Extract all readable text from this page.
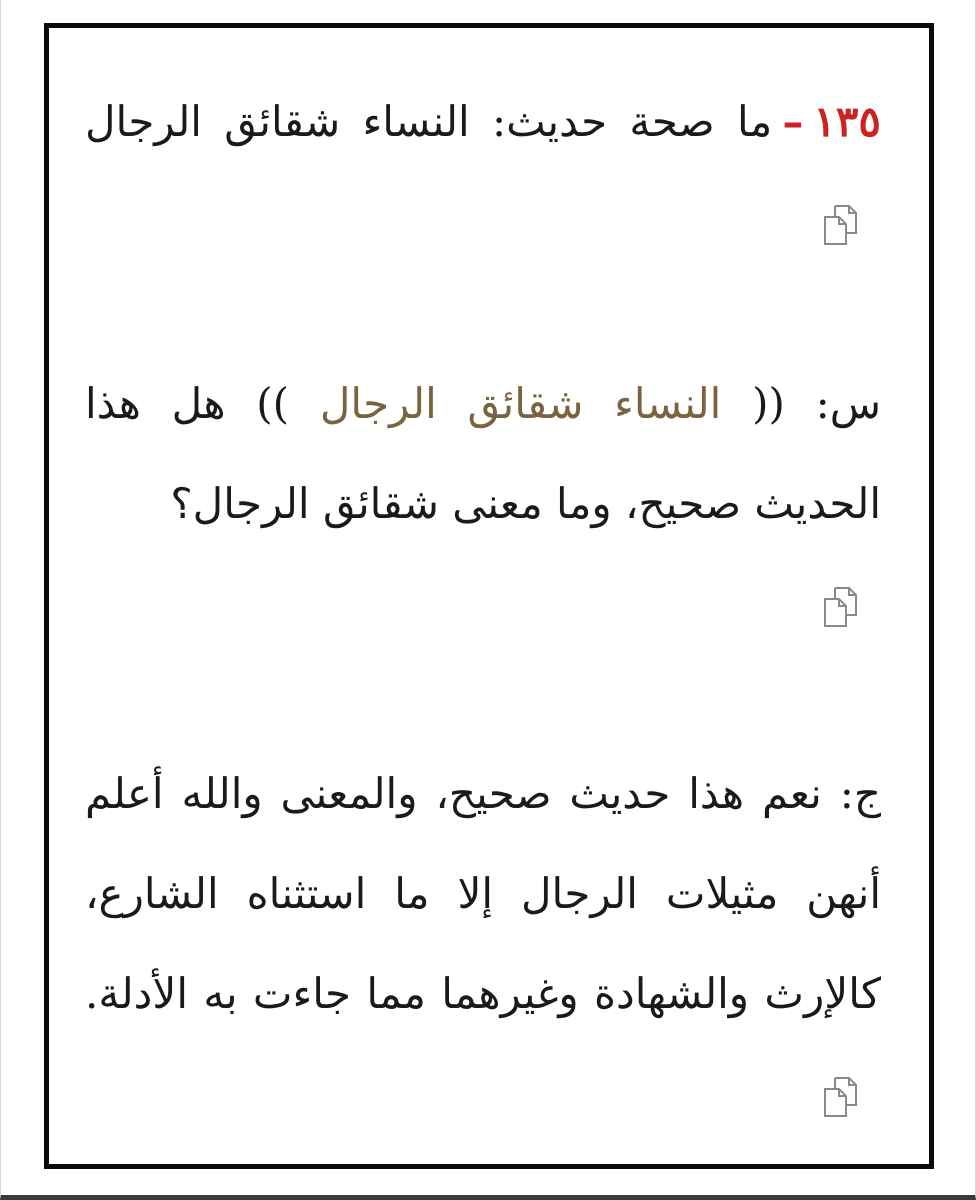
١٣٥–ما صحة حديث: النساء شقائق الرجال

س: (( النساء شقائق الرجال )) هل هذا الحديث صحيح، وما معنى شقائق الرجال؟

ج: نعم هذا حديث صحيح، والمعنى والله أعلم أنهن مثيلات الرجال إلا ما استثناه الشارع، كالإرث والشهادة وغيرهما مما جاءت به الأدلة.
